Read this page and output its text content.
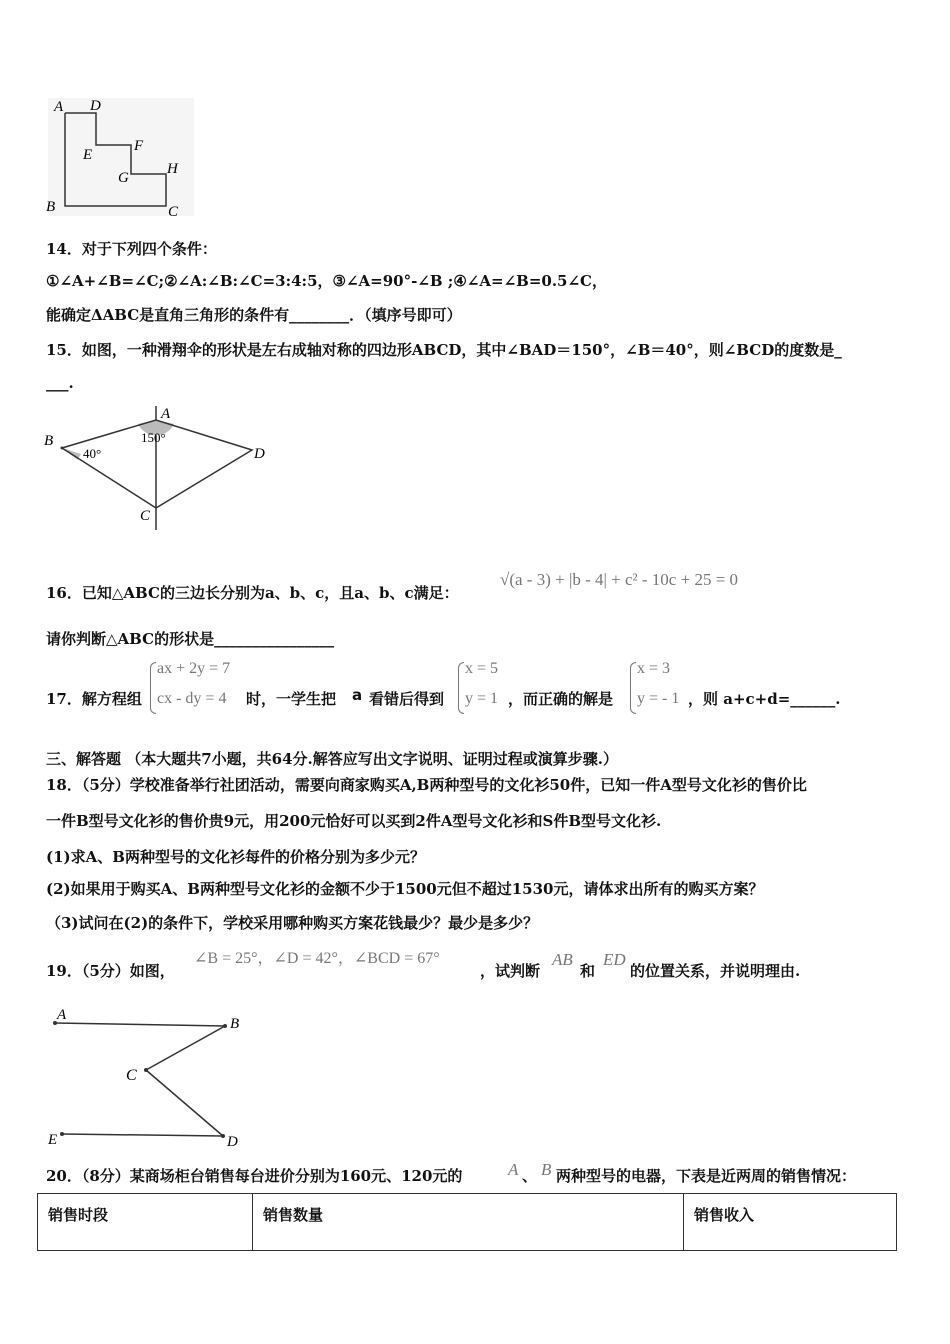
A D
E
F
G
H
B	C
14．对于下列四个条件：
①∠A+∠B=∠C;②∠A:∠B:∠C=3:4:5，③∠A=90°-∠B ;④∠A=∠B=0.5∠C，
能确定ΔABC是直角三角形的条件有________．（填序号即可）
15．如图，一种滑翔伞的形状是左右成轴对称的四边形ABCD，其中∠BAD＝150°，∠B＝40°，则∠BCD的度数是_
___.
B
A
D
C
40°
150°
16．已知△ABC的三边长分别为a、b、c，且a、b、c满足：
√(a - 3) + |b - 4| + c² - 10c + 25 = 0
请你判断△ABC的形状是________________
17．解方程组
ax + 2y = 7
cx - dy = 4 时，一学生把 a 看错后得到
x = 5
y = 1 ，而正确的解是
x = 3
y = - 1 ，则 a+c+d=______.
三、解答题 （本大题共7小题，共64分.解答应写出文字说明、证明过程或演算步骤.）
18．（5分）学校准备举行社团活动，需要向商家购买A,B两种型号的文化衫50件，已知一件A型号文化衫的售价比
一件B型号文化衫的售价贵9元，用200元恰好可以买到2件A型号文化衫和S件B型号文化衫.
(1)求A、B两种型号的文化衫每件的价格分别为多少元？
(2)如果用于购买A、B两种型号文化衫的金额不少于1500元但不超过1530元，请体求出所有的购买方案？
（3)试问在(2)的条件下，学校采用哪种购买方案花钱最少？最少是多少？
19．（5分）如图，
∠B = 25°，∠D = 42°，∠BCD = 67°
，试判断
AB
和
ED
的位置关系，并说明理由.
A
B
C
E	D
20．（8分）某商场柜台销售每台进价分别为160元、120元的	A 、 B 两种型号的电器，下表是近两周的销售情况：
销售时段	销售数量	销售收入
